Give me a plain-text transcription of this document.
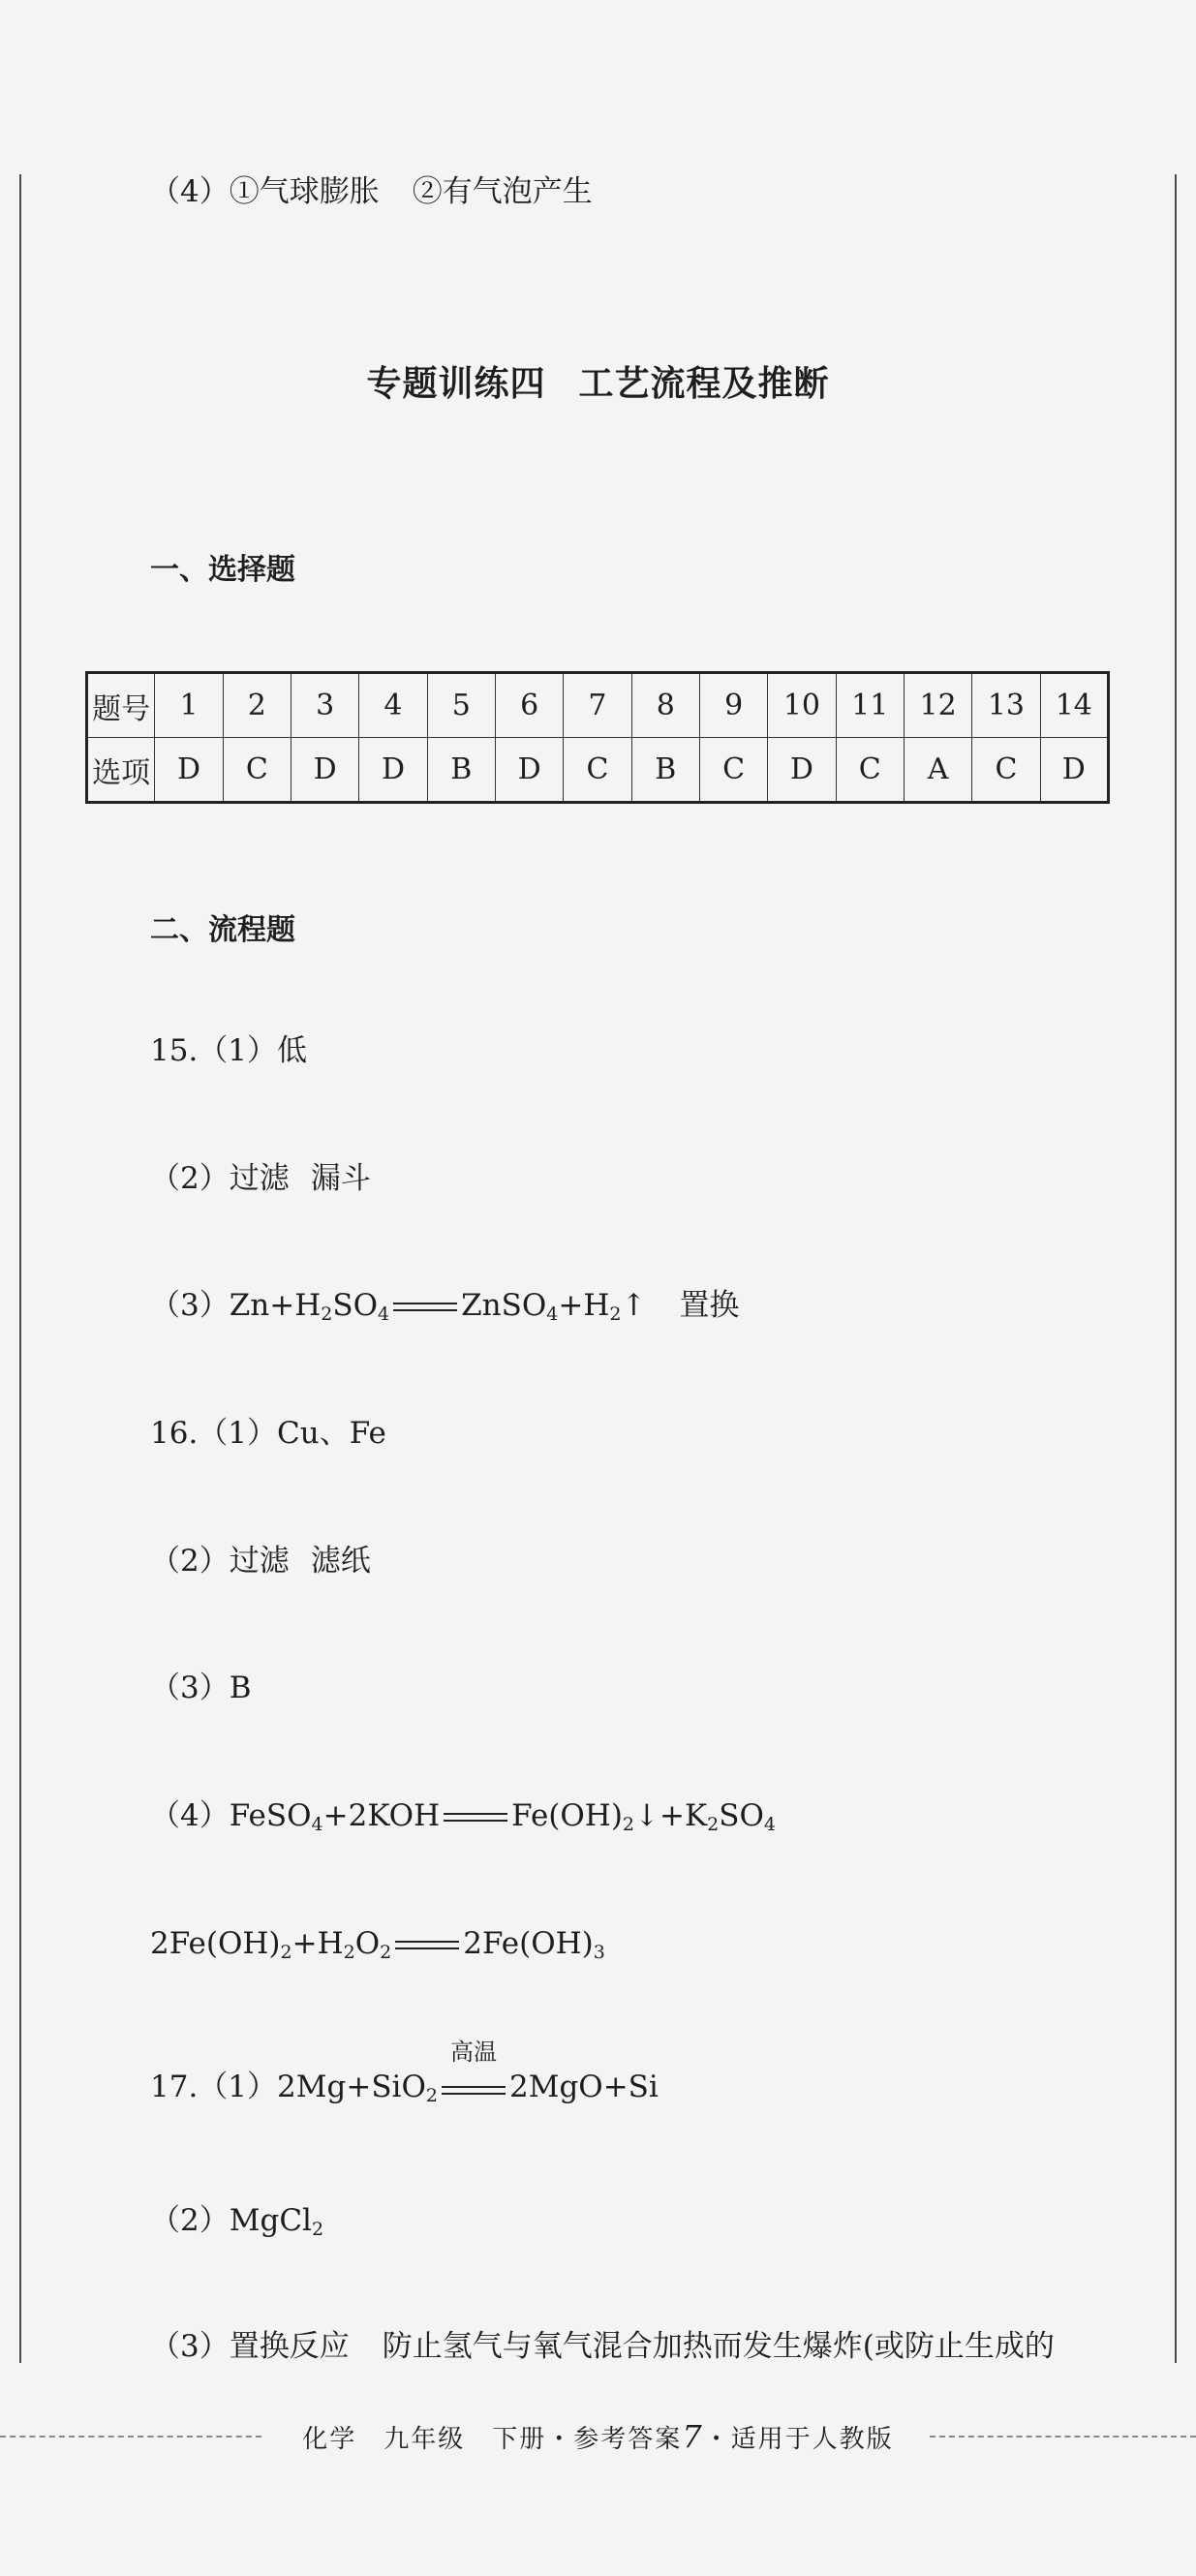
（4）①气球膨胀 ②有气泡产生
专题训练四 工艺流程及推断
一、选择题
题号	1	2	3	4	5	6	7	8	9	10	11	12	13	14
选项	D	C	D	D	B	D	C	B	C	D	C	A	C	D
二、流程题
15.（1）低
（2）过滤 漏斗
$(3)Zn+H_2SO_4$ $ZnSO_4+H_2↑$ 置换
16.（1）Cu、Fe
（2）过滤 滤纸
（3）B
（4）FeSO$_4$+2KOH $Fe(OH)_2↓+K_2SO_4$
$2Fe(OH)_2+H_2O_2$ $2Fe(OH)_3$
17.（1）2Mg+SiO$_2$
高温
2MgO+Si
（2）MgCl$_2$
（3）置换反应 防止氢气与氧气混合加热而发生爆炸(或防止生成的
化学　九年级　下册・参考答案7・适用于人教版
